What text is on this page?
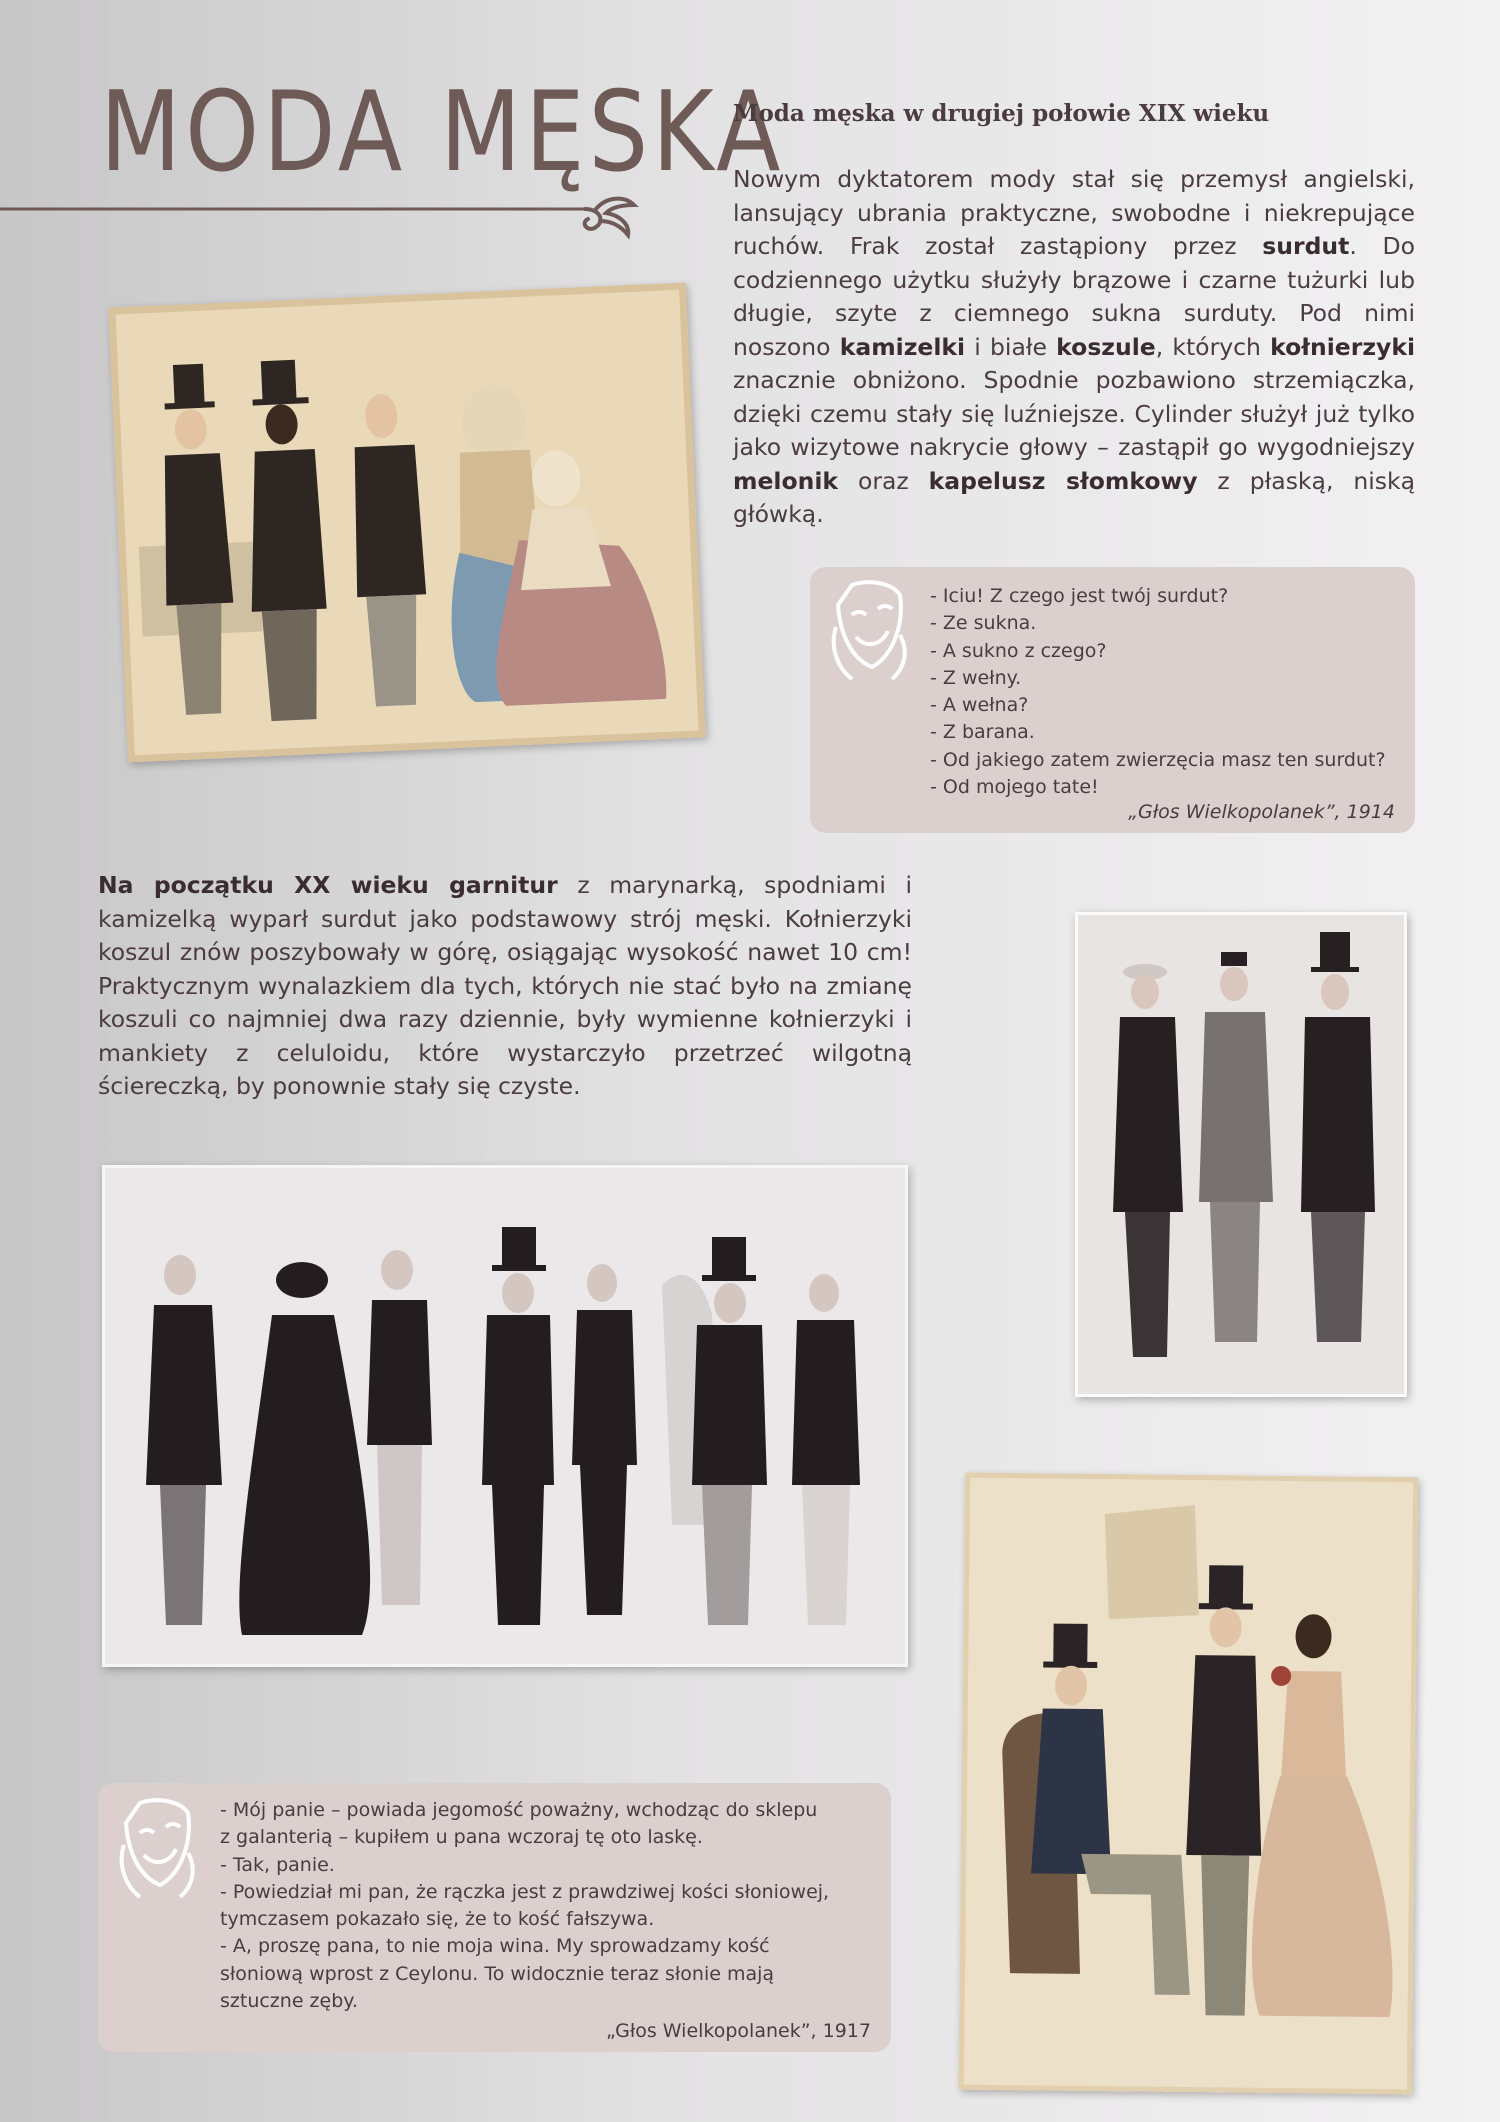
MODA MĘSKA
Moda męska w drugiej połowie XIX wieku
Nowym dyktatorem mody stał się przemysł angielski, lansujący ubrania praktyczne, swobodne i niekrepujące ruchów. Frak został zastąpiony przez surdut. Do codziennego użytku służyły brązowe i czarne tużurki lub długie, szyte z ciemnego sukna surduty. Pod nimi noszono kamizelki i białe koszule, których kołnierzyki znacznie obniżono. Spodnie pozbawiono strzemiączka, dzięki czemu stały się luźniejsze. Cylinder służył już tylko jako wizytowe nakrycie głowy – zastąpił go wygodniejszy melonik oraz kapelusz słomkowy z płaską, niską główką.
- Iciu! Z czego jest twój surdut?
- Ze sukna.
- A sukno z czego?
- Z wełny.
- A wełna?
- Z barana.
- Od jakiego zatem zwierzęcia masz ten surdut?
- Od mojego tate!
„Głos Wielkopolanek”, 1914
Na początku XX wieku garnitur z marynarką, spodniami i kamizelką wyparł surdut jako podstawowy strój męski. Kołnierzyki koszul znów poszybowały w górę, osiągając wysokość nawet 10 cm! Praktycznym wynalazkiem dla tych, których nie stać było na zmianę koszuli co najmniej dwa razy dziennie, były wymienne kołnierzyki i mankiety z celuloidu, które wystarczyło przetrzeć wilgotną ściereczką, by ponownie stały się czyste.
- Mój panie – powiada jegomość poważny, wchodząc do sklepu
z galanterią – kupiłem u pana wczoraj tę oto laskę.
- Tak, panie.
- Powiedział mi pan, że rączka jest z prawdziwej kości słoniowej,
tymczasem pokazało się, że to kość fałszywa.
- A, proszę pana, to nie moja wina. My sprowadzamy kość
słoniową wprost z Ceylonu. To widocznie teraz słonie mają
sztuczne zęby.
„Głos Wielkopolanek”, 1917
